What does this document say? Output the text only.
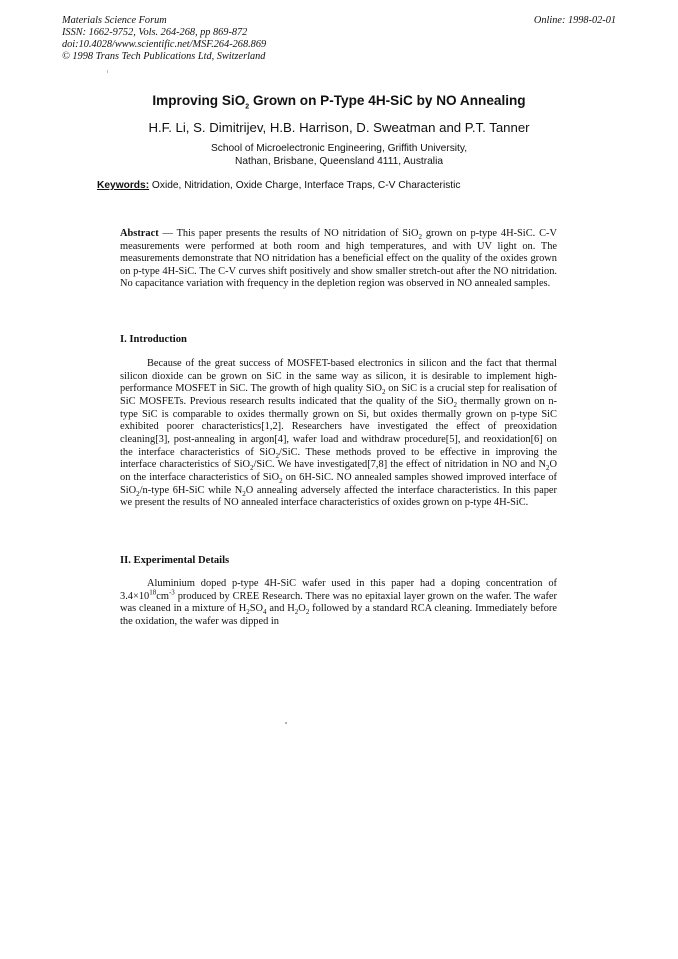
Materials Science Forum
ISSN: 1662-9752, Vols. 264-268, pp 869-872
doi:10.4028/www.scientific.net/MSF.264-268.869
© 1998 Trans Tech Publications Ltd, Switzerland
Online: 1998-02-01
Improving SiO$_2$ Grown on P-Type 4H-SiC by NO Annealing
H.F. Li, S. Dimitrijev, H.B. Harrison, D. Sweatman and P.T. Tanner
School of Microelectronic Engineering, Griffith University,
Nathan, Brisbane, Queensland 4111, Australia
Keywords: Oxide, Nitridation, Oxide Charge, Interface Traps, C-V Characteristic
Abstract — This paper presents the results of NO nitridation of SiO$_2$ grown on p-type 4H-SiC. C-V measurements were performed at both room and high temperatures, and with UV light on. The measurements demonstrate that NO nitridation has a beneficial effect on the quality of the oxides grown on p-type 4H-SiC. The C-V curves shift positively and show smaller stretch-out after the NO nitridation. No capacitance variation with frequency in the depletion region was observed in NO annealed samples.
I. Introduction
Because of the great success of MOSFET-based electronics in silicon and the fact that thermal silicon dioxide can be grown on SiC in the same way as silicon, it is desirable to implement high-performance MOSFET in SiC. The growth of high quality SiO$_2$ on SiC is a crucial step for realisation of SiC MOSFETs. Previous research results indicated that the quality of the SiO$_2$ thermally grown on n-type SiC is comparable to oxides thermally grown on Si, but oxides thermally grown on p-type SiC exhibited poorer characteristics[1,2]. Researchers have investigated the effect of preoxidation cleaning[3], post-annealing in argon[4], wafer load and withdraw procedure[5], and reoxidation[6] on the interface characteristics of SiO$_2$/SiC. These methods proved to be effective in improving the interface characteristics of SiO$_2$/SiC. We have investigated[7,8] the effect of nitridation in NO and $N_2O$ on the interface characteristics of SiO$_2$ on 6H-SiC. NO annealed samples showed improved interface of SiO$_2$/n-type 6H-SiC while $N_2O$ annealing adversely affected the interface characteristics. In this paper we present the results of NO annealed interface characteristics of oxides grown on p-type 4H-SiC.
II. Experimental Details
Aluminium doped p-type 4H-SiC wafer used in this paper had a doping concentration of $3.4\times 10^{18}cm^{-3}$ produced by CREE Research. There was no epitaxial layer grown on the wafer. The wafer was cleaned in a mixture of $H_2SO_4$ and $H_2O_2$ followed by a standard RCA cleaning. Immediately before the oxidation, the wafer was dipped in
